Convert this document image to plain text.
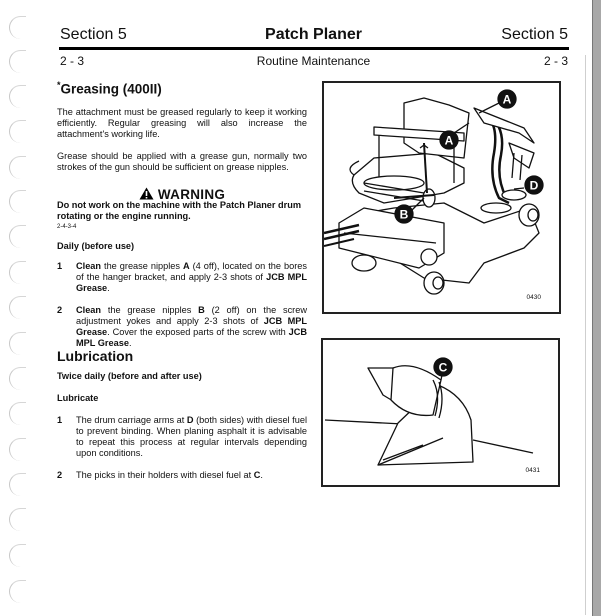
Section 5	Patch Planer	Section 5
2 - 3	Routine Maintenance	2 - 3
*Greasing (400II)
The attachment must be greased regularly to keep it working efficiently. Regular greasing will also increase the attachment's working life.
Grease should be applied with a grease gun, normally two strokes of the gun should be sufficient on grease nipples.
WARNING
Do not work on the machine with the Patch Planer drum rotating or the engine running.
2-4-3-4
Daily (before use)
1 Clean the grease nipples A (4 off), located on the bores of the hanger bracket, and apply 2-3 shots of JCB MPL Grease.
2 Clean the grease nipples B (2 off) on the screw adjustment yokes and apply 2-3 shots of JCB MPL Grease. Cover the exposed parts of the screw with JCB MPL Grease.
Lubrication
Twice daily (before and after use)
Lubricate
1 The drum carriage arms at D (both sides) with diesel fuel to prevent binding. When planing asphalt it is advisable to repeat this process at regular intervals depending upon conditions.
2 The picks in their holders with diesel fuel at C.
A
A
B
D
0430
C
0431
